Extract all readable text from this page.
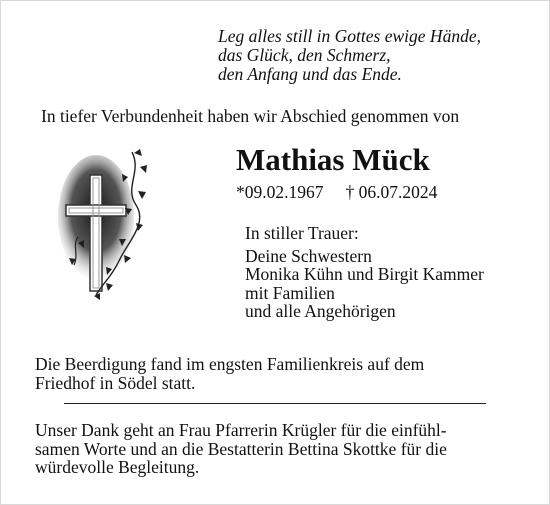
Leg alles still in Gottes ewige Hände,
das Glück, den Schmerz,
den Anfang und das Ende.
In tiefer Verbundenheit haben wir Abschied genommen von
Mathias Mück
*09.02.1967 † 06.07.2024
In stiller Trauer:
Deine Schwestern
Monika Kühn und Birgit Kammer
mit Familien
und alle Angehörigen
Die Beerdigung fand im engsten Familienkreis auf dem
Friedhof in Södel statt.
Unser Dank geht an Frau Pfarrerin Krügler für die einfühl-
samen Worte und an die Bestatterin Bettina Skottke für die
würdevolle Begleitung.
